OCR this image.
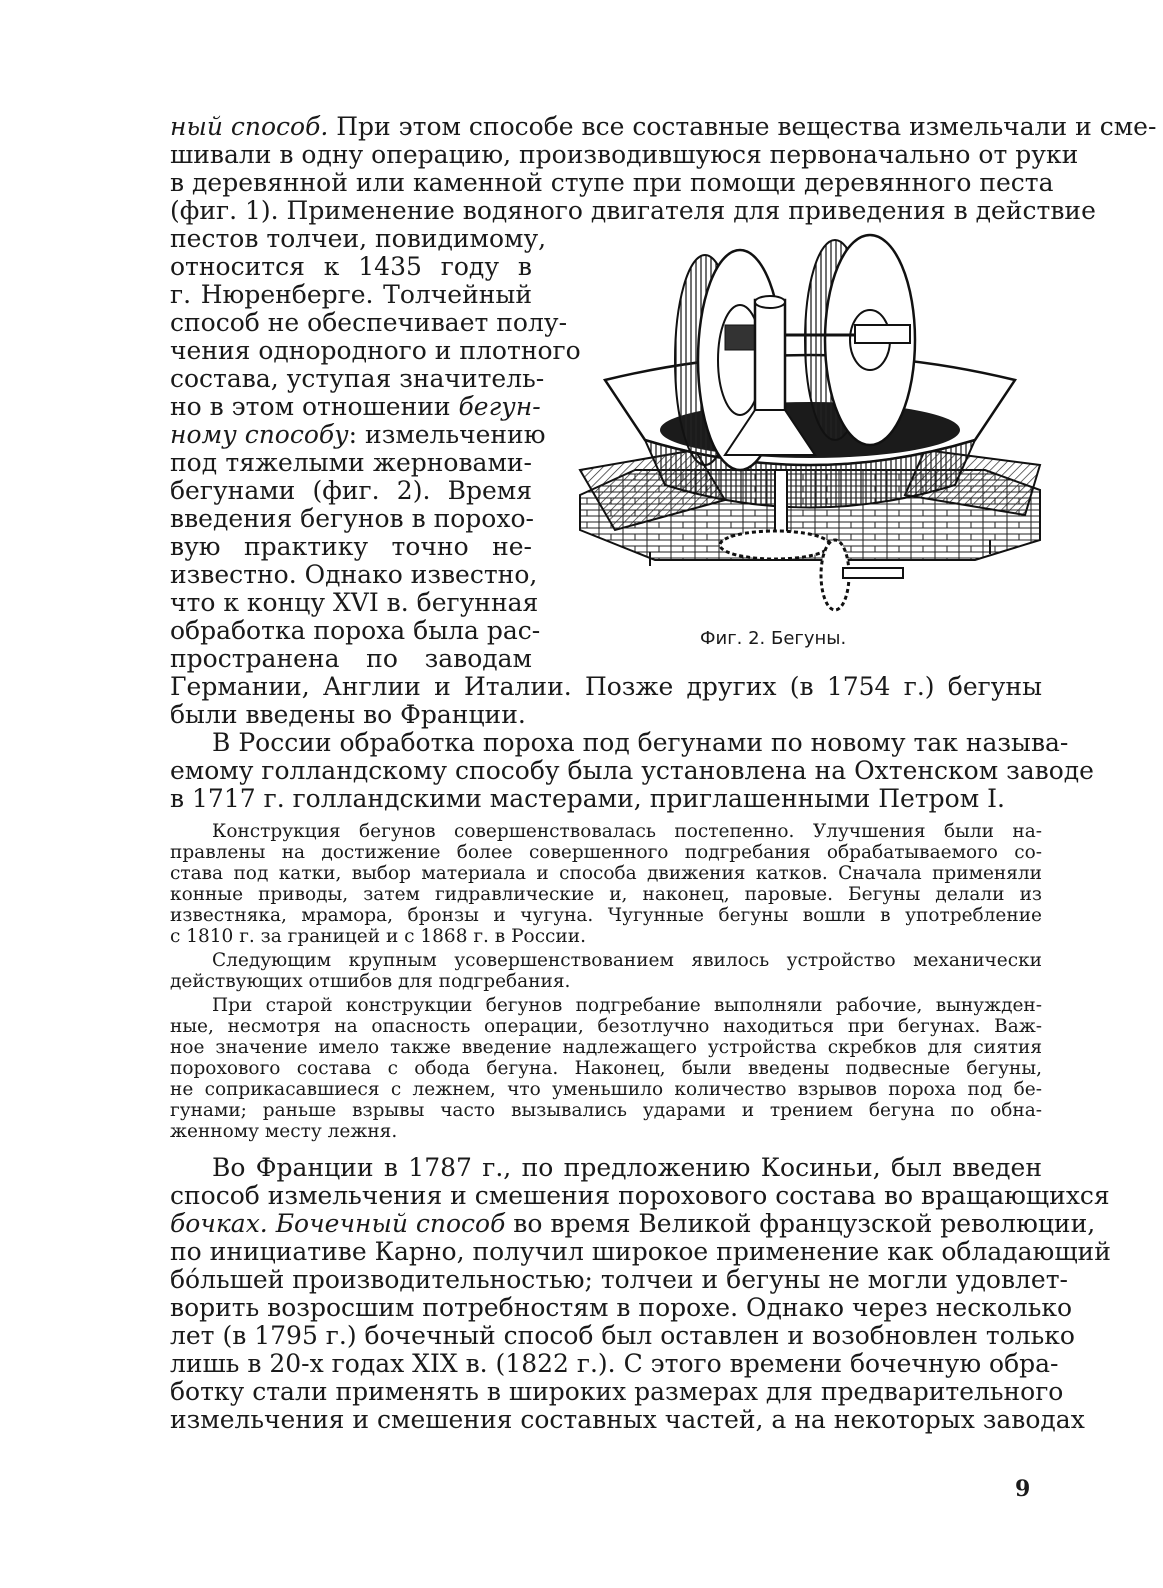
ный способ. При этом способе все составные вещества измельчали и сме-
шивали в одну операцию, производившуюся первоначально от руки
в деревянной или каменной ступе при помощи деревянного песта
(фиг. 1). Применение водяного двигателя для приведения в действие
пестов толчеи, повидимому,
относится к 1435 году в
г. Нюренберге. Толчейный
способ не обеспечивает полу-
чения однородного и плотного
состава, уступая значитель-
но в этом отношении бегун-
ному способу: измельчению
под тяжелыми жерновами-
бегунами (фиг. 2). Время
введения бегунов в порохо-
вую практику точно не-
известно. Однако известно,
что к концу XVI в. бегунная
обработка пороха была рас-
пространена по заводам
Германии, Англии и Италии. Позже других (в 1754 г.) бегуны
были введены во Франции.
Фиг. 2. Бегуны.
В России обработка пороха под бегунами по новому так называ-
емому голландскому способу была установлена на Охтенском заводе
в 1717 г. голландскими мастерами, приглашенными Петром I.
Конструкция бегунов совершенствовалась постепенно. Улучшения были на-
правлены на достижение более совершенного подгребания обрабатываемого со-
става под катки, выбор материала и способа движения катков. Сначала применяли
конные приводы, затем гидравлические и, наконец, паровые. Бегуны делали из
известняка, мрамора, бронзы и чугуна. Чугунные бегуны вошли в употребление
с 1810 г. за границей и с 1868 г. в России.
Следующим крупным усовершенствованием явилось устройство механически
действующих отшибов для подгребания.
При старой конструкции бегунов подгребание выполняли рабочие, вынужден-
ные, несмотря на опасность операции, безотлучно находиться при бегунах. Важ-
ное значение имело также введение надлежащего устройства скребков для сиятия
порохового состава с обода бегуна. Наконец, были введены подвесные бегуны,
не соприкасавшиеся с лежнем, что уменьшило количество взрывов пороха под бе-
гунами; раньше взрывы часто вызывались ударами и трением бегуна по обна-
женному месту лежня.
Во Франции в 1787 г., по предложению Косиньи, был введен
способ измельчения и смешения порохового состава во вращающихся
бочках. Бочечный способ во время Великой французской революции,
по инициативе Карно, получил широкое применение как обладающий
бо́льшей производительностью; толчеи и бегуны не могли удовлет-
ворить возросшим потребностям в порохе. Однако через несколько
лет (в 1795 г.) бочечный способ был оставлен и возобновлен только
лишь в 20-х годах XIX в. (1822 г.). С этого времени бочечную обра-
ботку стали применять в широких размерах для предварительного
измельчения и смешения составных частей, а на некоторых заводах
9
